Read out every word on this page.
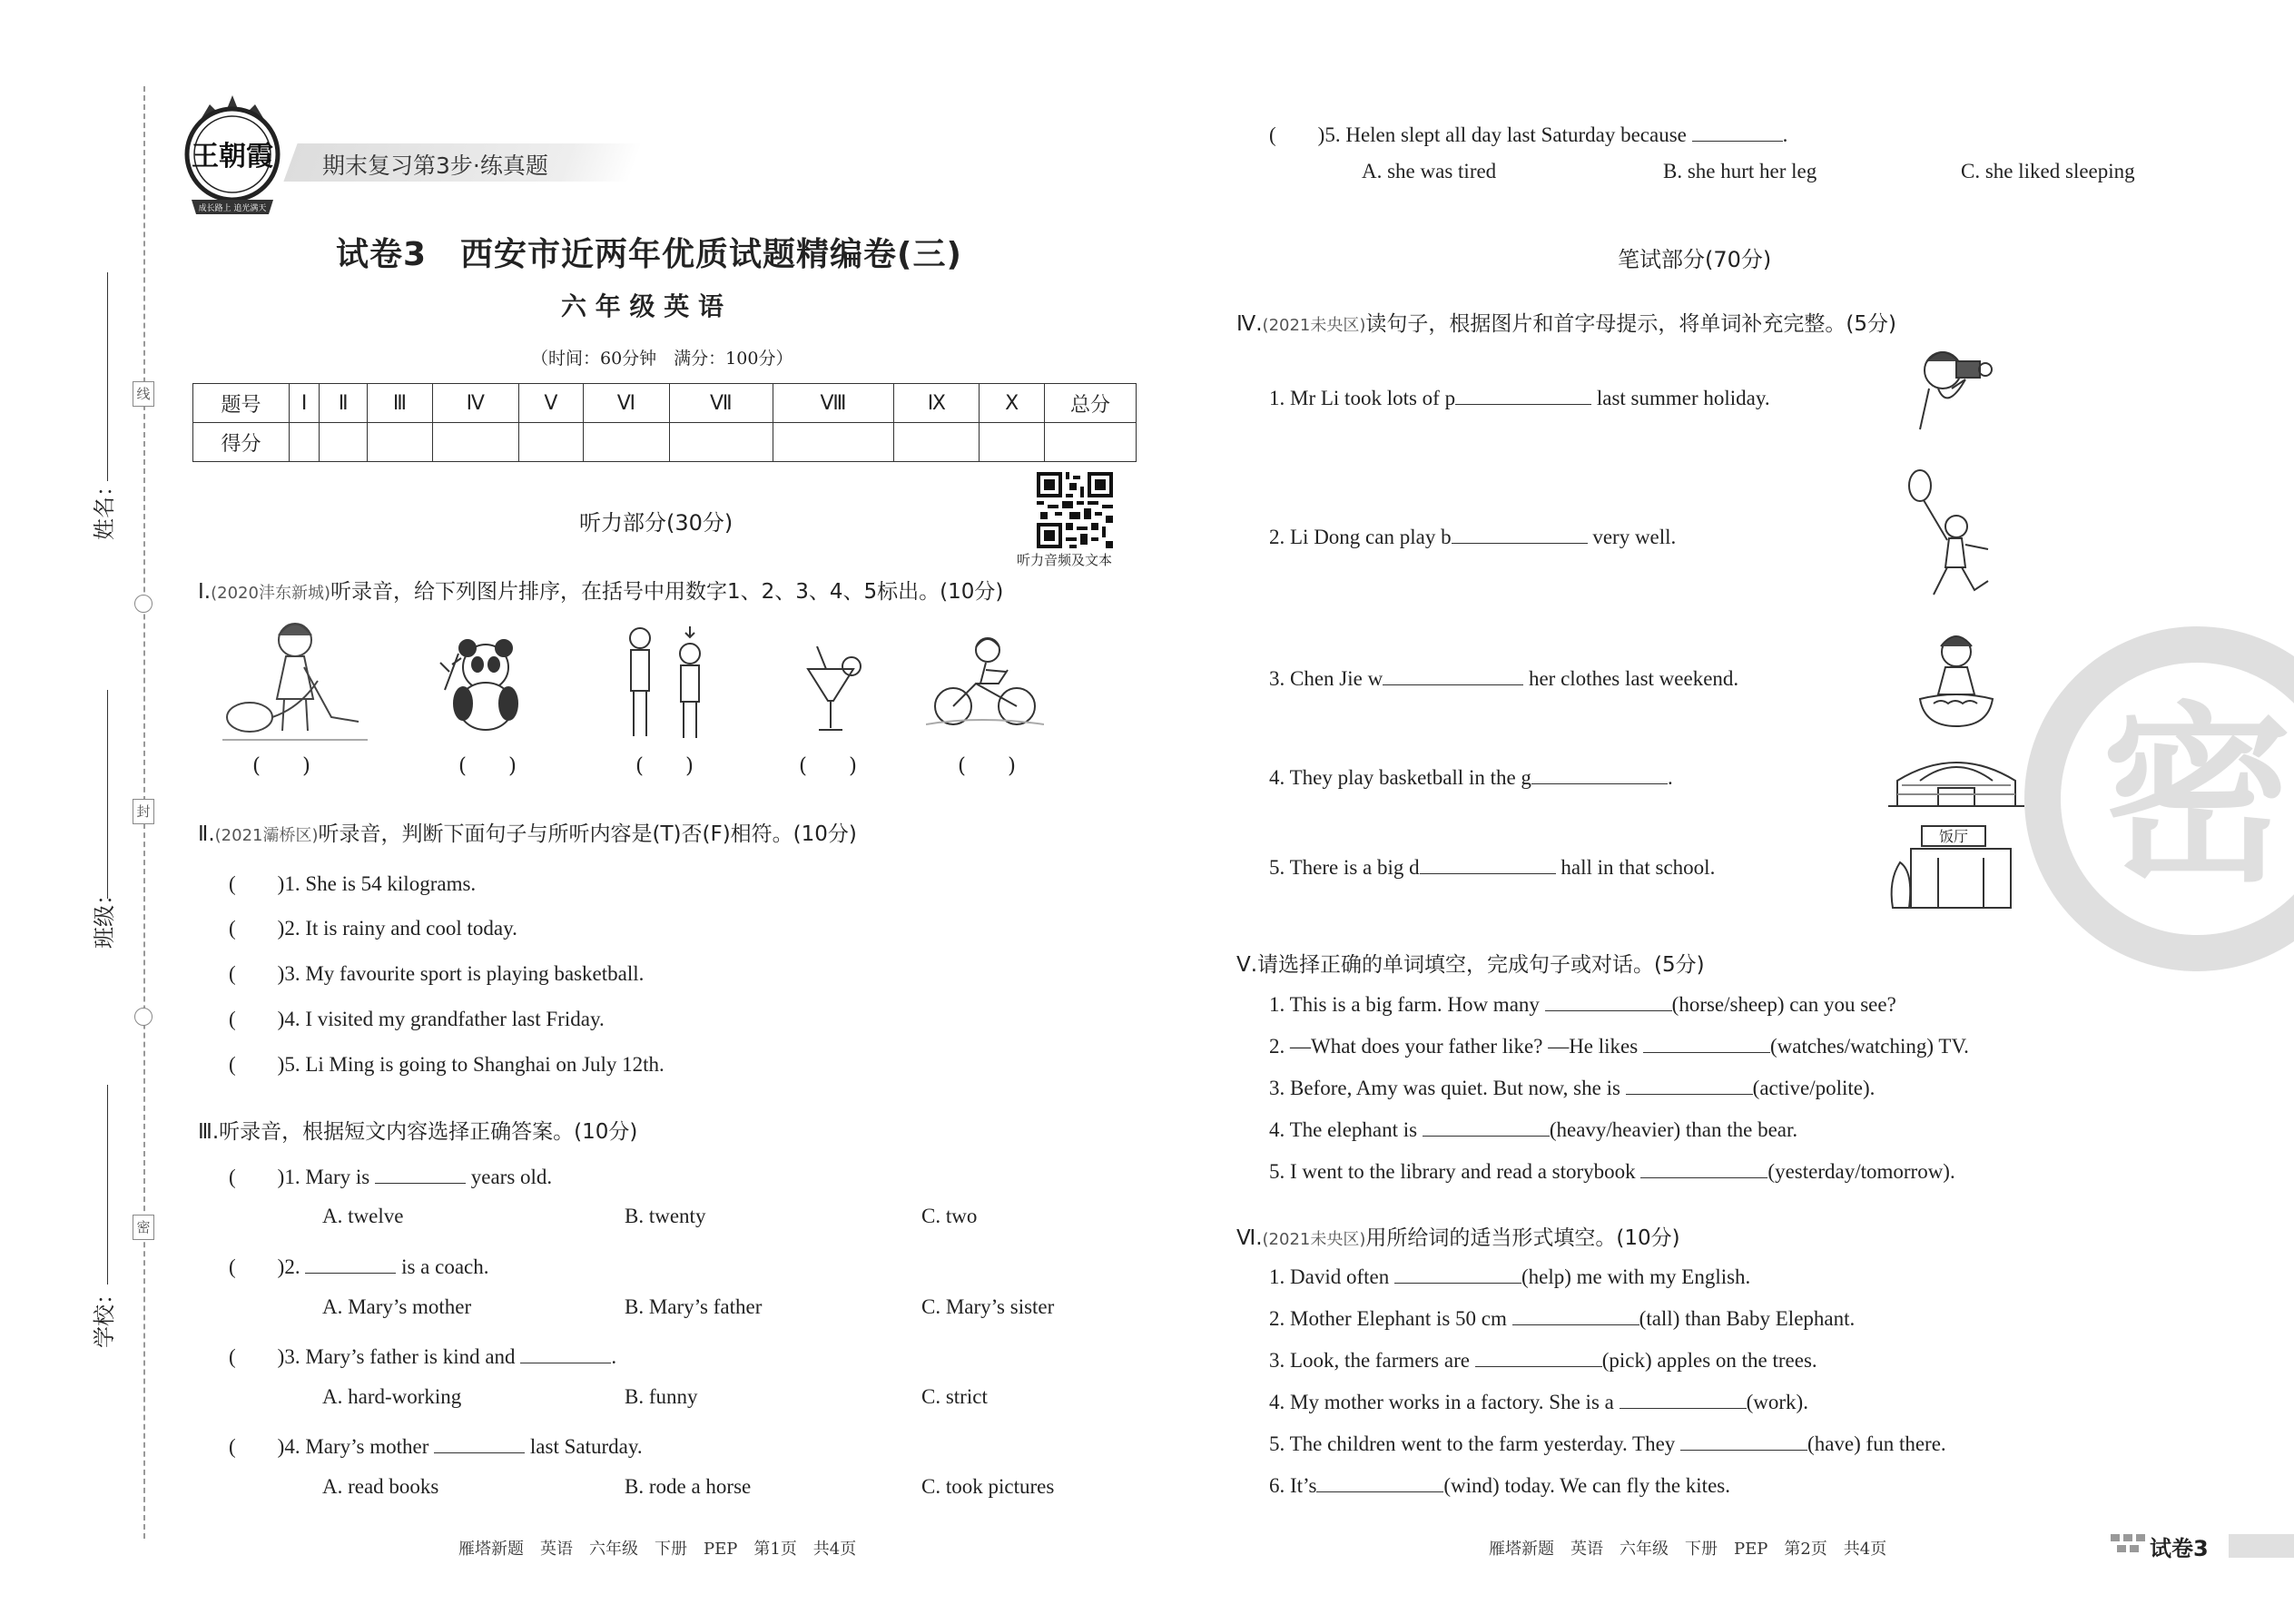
线
封
密
姓名：
班级：
学校：
王朝霞
成长路上 追光满天
期末复习第3步·练真题
试卷3　西安市近两年优质试题精编卷(三)
六 年 级 英 语
（时间：60分钟　满分：100分）
题号	Ⅰ	Ⅱ	Ⅲ	Ⅳ	Ⅴ	Ⅵ	Ⅶ	Ⅷ	Ⅸ	Ⅹ	总分
得分											
听力音频及文本
听力部分(30分)
Ⅰ.(2020沣东新城)听录音，给下列图片排序，在括号中用数字1、2、3、4、5标出。(10分)
(　　)	(　　)	(　　)	(　　)	(　　)
Ⅱ.(2021灞桥区)听录音，判断下面句子与所听内容是(T)否(F)相符。(10分)
(　　)1. She is 54 kilograms.
(　　)2. It is rainy and cool today.
(　　)3. My favourite sport is playing basketball.
(　　)4. I visited my grandfather last Friday.
(　　)5. Li Ming is going to Shanghai on July 12th.
Ⅲ.听录音，根据短文内容选择正确答案。(10分)
(　　)1. Mary is	years old.
A. twelve	B. twenty	C. two
(　　)2.	is a coach.
A. Mary’s mother	B. Mary’s father	C. Mary’s sister
(　　)3. Mary’s father is kind and	.
A. hard-working	B. funny	C. strict
(　　)4. Mary’s mother	last Saturday.
A. read books	B. rode a horse	C. took pictures
雁塔新题　英语　六年级　下册　PEP　第1页　共4页
密
(　　)5. Helen slept all day last Saturday because	.
A. she was tired	B. she hurt her leg	C. she liked sleeping
笔试部分(70分)
Ⅳ.(2021未央区)读句子，根据图片和首字母提示，将单词补充完整。(5分)
1. Mr Li took lots of p	last summer holiday.
2. Li Dong can play b	very well.
3. Chen Jie w	her clothes last weekend.
4. They play basketball in the g	.
5. There is a big d	hall in that school.
饭厅
Ⅴ.请选择正确的单词填空，完成句子或对话。(5分)
1. This is a big farm. How many	(horse/sheep) can you see?
2. —What does your father like? —He likes	(watches/watching) TV.
3. Before, Amy was quiet. But now, she is	(active/polite).
4. The elephant is	(heavy/heavier) than the bear.
5. I went to the library and read a storybook	(yesterday/tomorrow).
Ⅵ.(2021未央区)用所给词的适当形式填空。(10分)
1. David often	(help) me with my English.
2. Mother Elephant is 50 cm	(tall) than Baby Elephant.
3. Look, the farmers are	(pick) apples on the trees.
4. My mother works in a factory. She is a	(work).
5. The children went to the farm yesterday. They	(have) fun there.
6. It’s	(wind) today. We can fly the kites.
雁塔新题　英语　六年级　下册　PEP　第2页　共4页	试卷3
